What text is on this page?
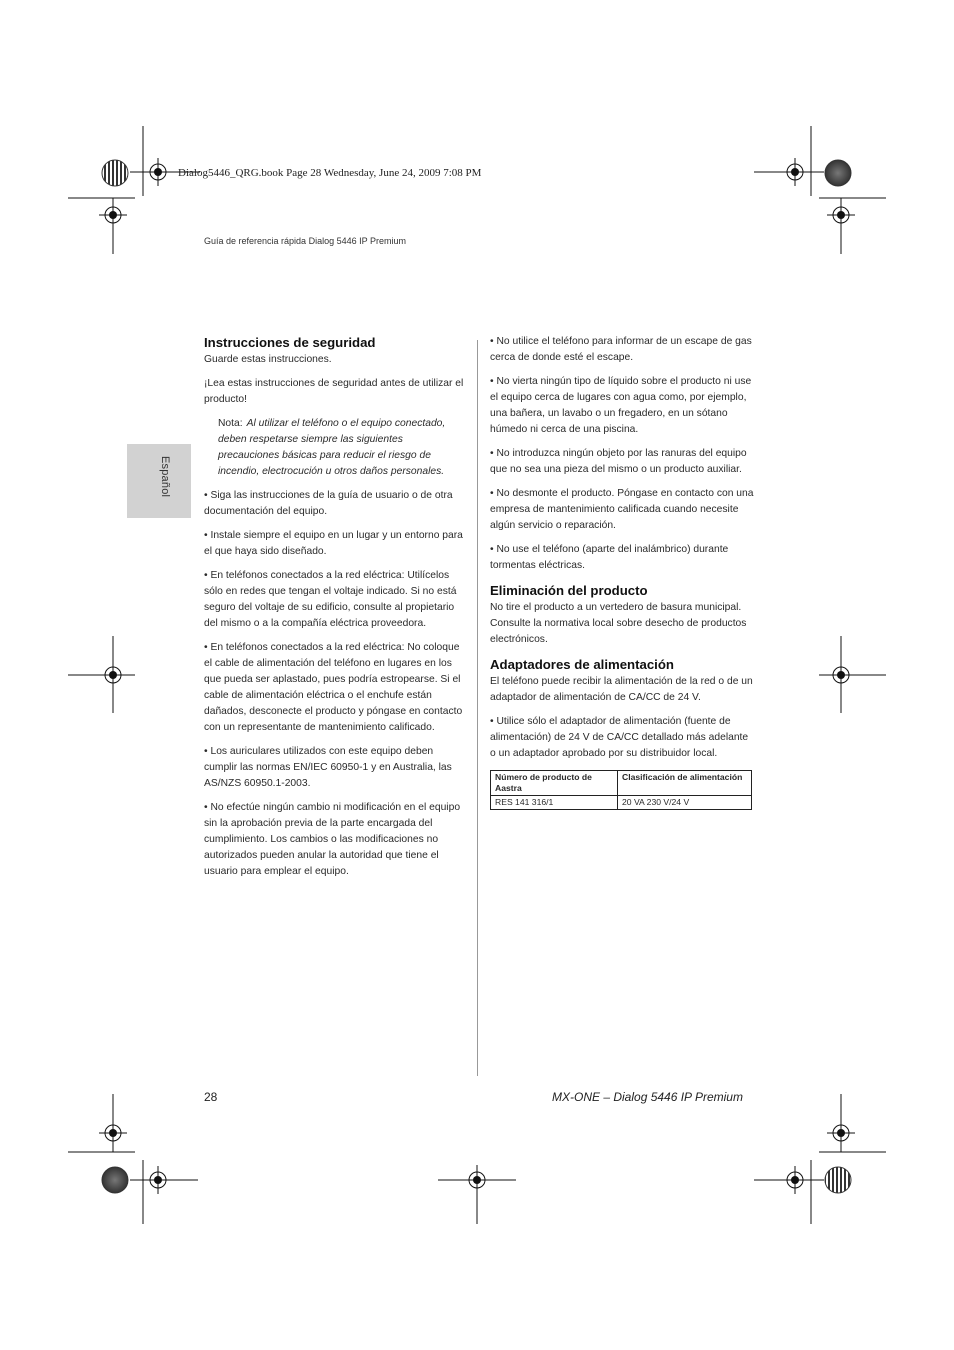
Dialog5446_QRG.book Page 28 Wednesday, June 24, 2009 7:08 PM
Guía de referencia rápida Dialog 5446 IP Premium
Español
Instrucciones de seguridad

Guarde estas instrucciones.

¡Lea estas instrucciones de seguridad antes de utilizar el producto!

Nota: Al utilizar el teléfono o el equipo conectado, deben respetarse siempre las siguientes precauciones básicas para reducir el riesgo de incendio, electrocución u otros daños personales.

• Siga las instrucciones de la guía de usuario o de otra documentación del equipo.

• Instale siempre el equipo en un lugar y un entorno para el que haya sido diseñado.

• En teléfonos conectados a la red eléctrica: Utilícelos sólo en redes que tengan el voltaje indicado. Si no está seguro del voltaje de su edificio, consulte al propietario del mismo o a la compañía eléctrica proveedora.

• En teléfonos conectados a la red eléctrica: No coloque el cable de alimentación del teléfono en lugares en los que pueda ser aplastado, pues podría estropearse. Si el cable de alimentación eléctrica o el enchufe están dañados, desconecte el producto y póngase en contacto con un representante de mantenimiento calificado.

• Los auriculares utilizados con este equipo deben cumplir las normas EN/IEC 60950-1 y en Australia, las AS/NZS 60950.1-2003.

• No efectúe ningún cambio ni modificación en el equipo sin la aprobación previa de la parte encargada del cumplimiento. Los cambios o las modificaciones no autorizados pueden anular la autoridad que tiene el usuario para emplear el equipo.

• No utilice el teléfono para informar de un escape de gas cerca de donde esté el escape.

• No vierta ningún tipo de líquido sobre el producto ni use el equipo cerca de lugares con agua como, por ejemplo, una bañera, un lavabo o un fregadero, en un sótano húmedo ni cerca de una piscina.

• No introduzca ningún objeto por las ranuras del equipo que no sea una pieza del mismo o un producto auxiliar.

• No desmonte el producto. Póngase en contacto con una empresa de mantenimiento calificada cuando necesite algún servicio o reparación.

• No use el teléfono (aparte del inalámbrico) durante tormentas eléctricas.

Eliminación del producto

No tire el producto a un vertedero de basura municipal. Consulte la normativa local sobre desecho de productos electrónicos.

Adaptadores de alimentación

El teléfono puede recibir la alimentación de la red o de un adaptador de alimentación de CA/CC de 24 V.

• Utilice sólo el adaptador de alimentación (fuente de alimentación) de 24 V de CA/CC detallado más adelante o un adaptador aprobado por su distribuidor local.

Número de producto de Aastra	Clasificación de alimentación
RES 141 316/1	20 VA 230 V/24 V
28	MX-ONE – Dialog 5446 IP Premium
